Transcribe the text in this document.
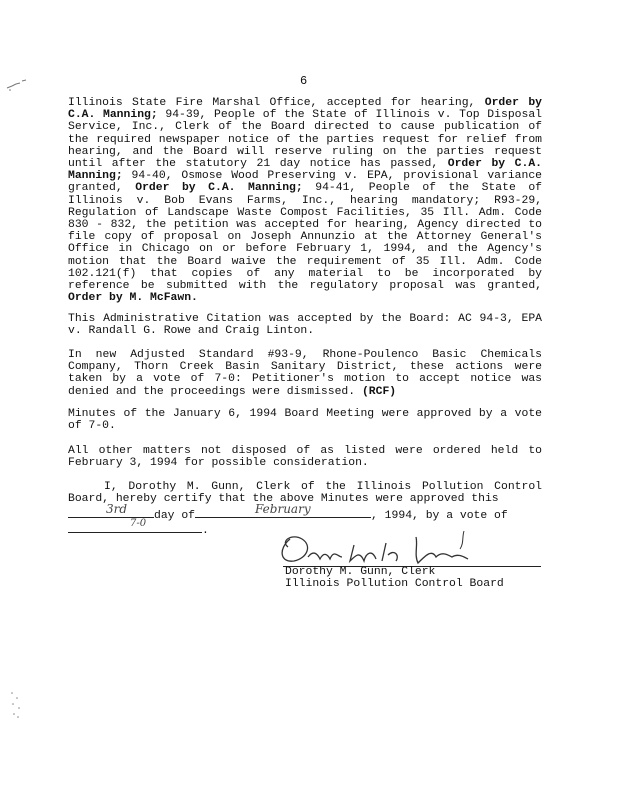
6

Illinois State Fire Marshal Office, accepted for hearing, Order by C.A. Manning; 94-39, People of the State of Illinois v. Top Disposal Service, Inc., Clerk of the Board directed to cause publication of the required newspaper notice of the parties request for relief from hearing, and the Board will reserve ruling on the parties request until after the statutory 21 day notice has passed, Order by C.A. Manning; 94-40, Osmose Wood Preserving v. EPA, provisional variance granted, Order by C.A. Manning; 94-41, People of the State of Illinois v. Bob Evans Farms, Inc., hearing mandatory; R93-29, Regulation of Landscape Waste Compost Facilities, 35 Ill. Adm. Code 830 - 832, the petition was accepted for hearing, Agency directed to file copy of proposal on Joseph Annunzio at the Attorney General's Office in Chicago on or before February 1, 1994, and the Agency's motion that the Board waive the requirement of 35 Ill. Adm. Code 102.121(f) that copies of any material to be incorporated by reference be submitted with the regulatory proposal was granted, Order by M. McFawn.

This Administrative Citation was accepted by the Board: AC 94-3, EPA v. Randall G. Rowe and Craig Linton.

In new Adjusted Standard #93-9, Rhone-Poulenco Basic Chemicals Company, Thorn Creek Basin Sanitary District, these actions were taken by a vote of 7-0: Petitioner's motion to accept notice was denied and the proceedings were dismissed. (RCF)

Minutes of the January 6, 1994 Board Meeting were approved by a vote of 7-0.

All other matters not disposed of as listed were ordered held to February 3, 1994 for possible consideration.

I, Dorothy M. Gunn, Clerk of the Illinois Pollution Control Board, hereby certify that the above Minutes were approved this

3rd day of	February	, 1994, by a vote of
7-0
.
Dorothy M. Gunn, Clerk
Illinois Pollution Control Board
